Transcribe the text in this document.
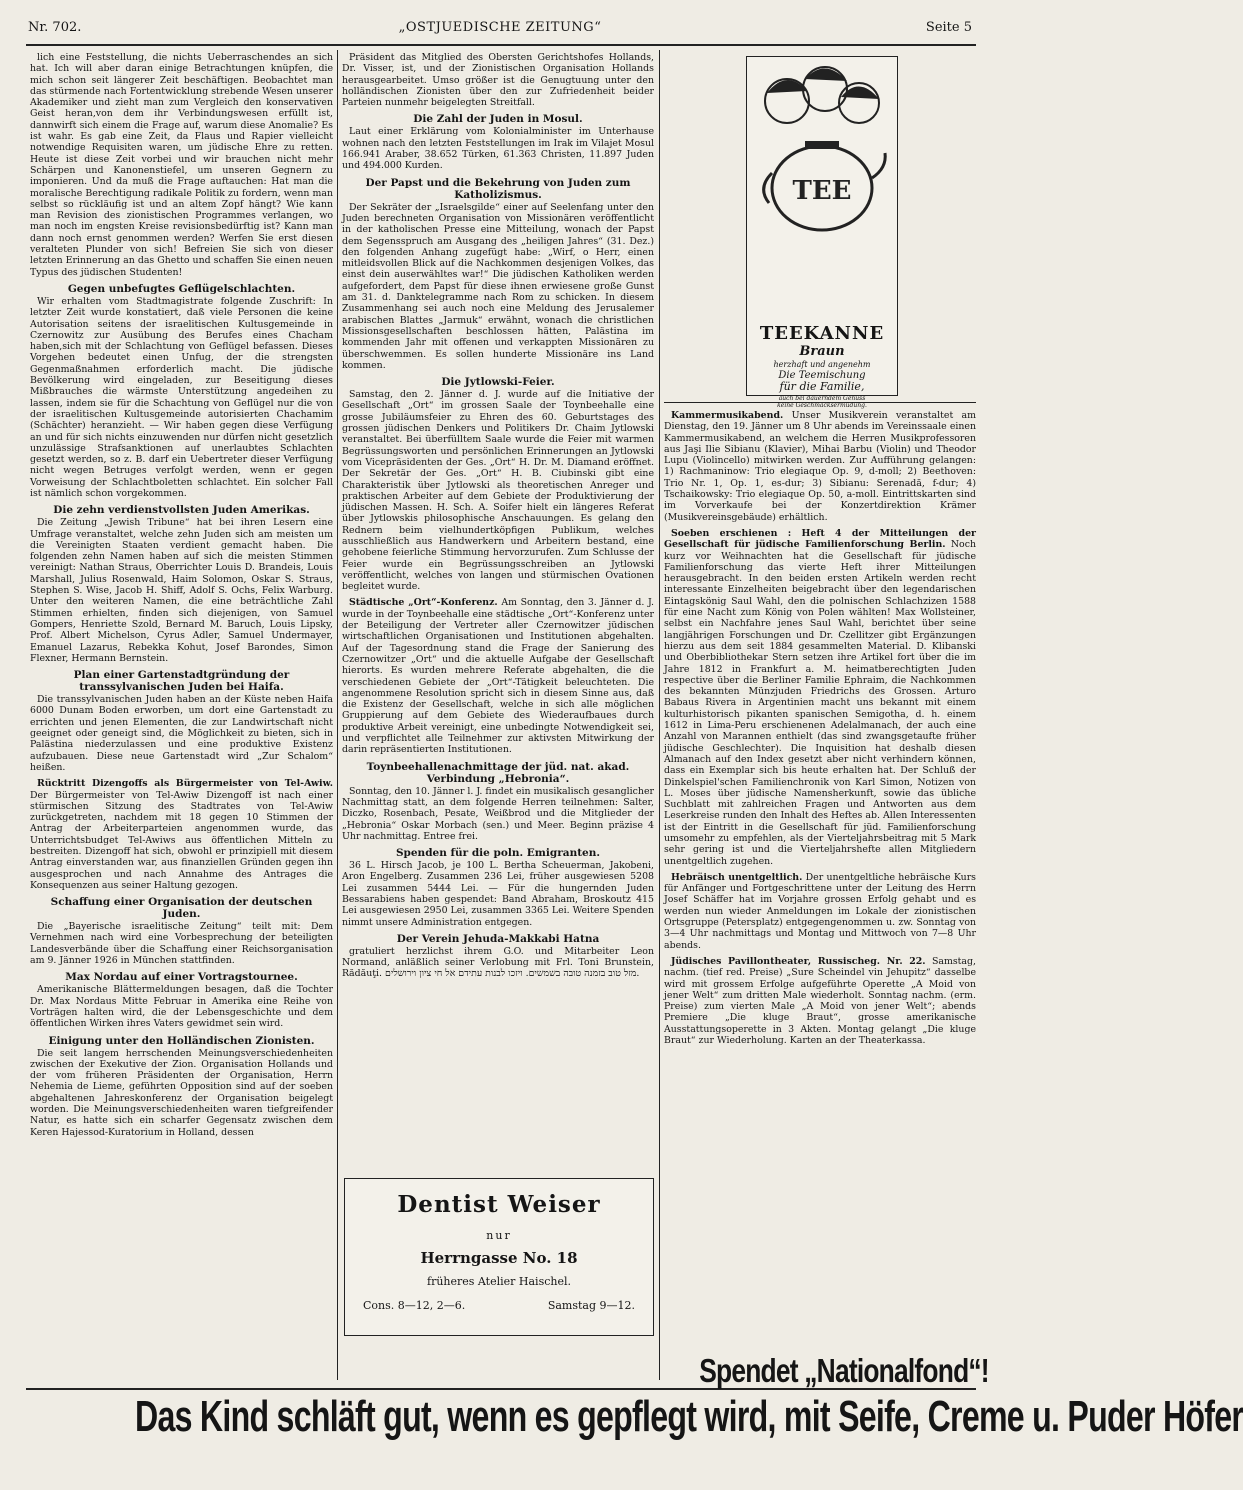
Nr. 702.	„OSTJUEDISCHE ZEITUNG“	Seite 5

lich eine Feststellung, die nichts Ueberraschendes an sich hat. Ich will aber daran einige Betrachtungen knüpfen, die mich schon seit längerer Zeit beschäftigen. Beobachtet man das stürmende nach Fortentwicklung strebende Wesen unserer Akademiker und zieht man zum Vergleich den konservativen Geist heran,von dem ihr Verbindungswesen erfüllt ist, dannwirft sich einem die Frage auf, warum diese Anomalie? Es ist wahr. Es gab eine Zeit, da Flaus und Rapier vielleicht notwendige Requisiten waren, um jüdische Ehre zu retten. Heute ist diese Zeit vorbei und wir brauchen nicht mehr Schärpen und Kanonenstiefel, um unseren Gegnern zu imponieren. Und da muß die Frage auftauchen: Hat man die moralische Berechtigung radikale Politik zu fordern, wenn man selbst so rückläufig ist und an altem Zopf hängt? Wie kann man Revision des zionistischen Programmes verlangen, wo man noch im engsten Kreise revisionsbedürftig ist? Kann man dann noch ernst genommen werden? Werfen Sie erst diesen veralteten Plunder von sich! Befreien Sie sich von dieser letzten Erinnerung an das Ghetto und schaffen Sie einen neuen Typus des jüdischen Studenten!

Gegen unbefugtes Geflügelschlachten.

Wir erhalten vom Stadtmagistrate folgende Zuschrift: In letzter Zeit wurde konstatiert, daß viele Personen die keine Autorisation seitens der israelitischen Kultusgemeinde in Czernowitz zur Ausübung des Berufes eines Chacham haben,sich mit der Schlachtung von Geflügel befassen. Dieses Vorgehen bedeutet einen Unfug, der die strengsten Gegenmaßnahmen erforderlich macht. Die jüdische Bevölkerung wird eingeladen, zur Beseitigung dieses Mißbrauches die wärmste Unterstützung angedeihen zu lassen, indem sie für die Schachtung von Geflügel nur die von der israelitischen Kultusgemeinde autorisierten Chachamim (Schächter) heranzieht. — Wir haben gegen diese Verfügung an und für sich nichts einzuwenden nur dürfen nicht gesetzlich unzulässige Strafsanktionen auf unerlaubtes Schlachten gesetzt werden, so z. B. darf ein Uebertreter dieser Verfügung nicht wegen Betruges verfolgt werden, wenn er gegen Vorweisung der Schlachtboletten schlachtet. Ein solcher Fall ist nämlich schon vorgekommen.

Die zehn verdienstvollsten Juden Amerikas.

Die Zeitung „Jewish Tribune“ hat bei ihren Lesern eine Umfrage veranstaltet, welche zehn Juden sich am meisten um die Vereinigten Staaten verdient gemacht haben. Die folgenden zehn Namen haben auf sich die meisten Stimmen vereinigt: Nathan Straus, Oberrichter Louis D. Brandeis, Louis Marshall, Julius Rosenwald, Haim Solomon, Oskar S. Straus, Stephen S. Wise, Jacob H. Shiff, Adolf S. Ochs, Felix Warburg. Unter den weiteren Namen, die eine beträchtliche Zahl Stimmen erhielten, finden sich diejenigen, von Samuel Gompers, Henriette Szold, Bernard M. Baruch, Louis Lipsky, Prof. Albert Michelson, Cyrus Adler, Samuel Undermayer, Emanuel Lazarus, Rebekka Kohut, Josef Barondes, Simon Flexner, Hermann Bernstein.

Plan einer Gartenstadtgründung der transsylvanischen Juden bei Haifa.

Die transsylvanischen Juden haben an der Küste neben Haifa 6000 Dunam Boden erworben, um dort eine Gartenstadt zu errichten und jenen Elementen, die zur Landwirtschaft nicht geeignet oder geneigt sind, die Möglichkeit zu bieten, sich in Palästina niederzulassen und eine produktive Existenz aufzubauen. Diese neue Gartenstadt wird „Zur Schalom“ heißen.

Rücktritt Dizengoffs als Bürgermeister von Tel-Awiw. Der Bürgermeister von Tel-Awiw Dizengoff ist nach einer stürmischen Sitzung des Stadtrates von Tel-Awiw zurückgetreten, nachdem mit 18 gegen 10 Stimmen der Antrag der Arbeiterparteien angenommen wurde, das Unterrichtsbudget Tel-Awiws aus öffentlichen Mitteln zu bestreiten. Dizengoff hat sich, obwohl er prinzipiell mit diesem Antrag einverstanden war, aus finanziellen Gründen gegen ihn ausgesprochen und nach Annahme des Antrages die Konsequenzen aus seiner Haltung gezogen.

Schaffung einer Organisation der deutschen Juden.

Die „Bayerische israelitische Zeitung“ teilt mit: Dem Vernehmen nach wird eine Vorbesprechung der beteiligten Landesverbände über die Schaffung einer Reichsorganisation am 9. Jänner 1926 in München stattfinden.

Max Nordau auf einer Vortragstournee.

Amerikanische Blättermeldungen besagen, daß die Tochter Dr. Max Nordaus Mitte Februar in Amerika eine Reihe von Vorträgen halten wird, die der Lebensgeschichte und dem öffentlichen Wirken ihres Vaters gewidmet sein wird.

Einigung unter den Holländischen Zionisten.

Die seit langem herrschenden Meinungsverschiedenheiten zwischen der Exekutive der Zion. Organisation Hollands und der vom früheren Präsidenten der Organisation, Herrn Nehemia de Lieme, geführten Opposition sind auf der soeben abgehaltenen Jahreskonferenz der Organisation beigelegt worden. Die Meinungsverschiedenheiten waren tiefgreifender Natur, es hatte sich ein scharfer Gegensatz zwischen dem Keren Hajessod-Kuratorium in Holland, dessen

Präsident das Mitglied des Obersten Gerichtshofes Hollands, Dr. Visser, ist, und der Zionistischen Organisation Hollands herausgearbeitet. Umso größer ist die Genugtuung unter den holländischen Zionisten über den zur Zufriedenheit beider Parteien nunmehr beigelegten Streitfall.

Die Zahl der Juden in Mosul.

Laut einer Erklärung vom Kolonialminister im Unterhause wohnen nach den letzten Feststellungen im Irak im Vilajet Mosul 166.941 Araber, 38.652 Türken, 61.363 Christen, 11.897 Juden und 494.000 Kurden.

Der Papst und die Bekehrung von Juden zum Katholizismus.

Der Sekräter der „Israelsgilde“ einer auf Seelenfang unter den Juden berechneten Organisation von Missionären veröffentlicht in der katholischen Presse eine Mitteilung, wonach der Papst dem Segensspruch am Ausgang des „heiligen Jahres“ (31. Dez.) den folgenden Anhang zugefügt habe: „Wirf, o Herr, einen mitleidsvollen Blick auf die Nachkommen desjenigen Volkes, das einst dein auserwähltes war!“ Die jüdischen Katholiken werden aufgefordert, dem Papst für diese ihnen erwiesene große Gunst am 31. d. Danktelegramme nach Rom zu schicken. In diesem Zusammenhang sei auch noch eine Meldung des Jerusalemer arabischen Blattes „Jarmuk“ erwähnt, wonach die christlichen Missionsgesellschaften beschlossen hätten, Palästina im kommenden Jahr mit offenen und verkappten Missionären zu überschwemmen. Es sollen hunderte Missionäre ins Land kommen.

Die Jytlowski-Feier.

Samstag, den 2. Jänner d. J. wurde auf die Initiative der Gesellschaft „Ort“ im grossen Saale der Toynbeehalle eine grosse Jubiläumsfeier zu Ehren des 60. Geburtstages des grossen jüdischen Denkers und Politikers Dr. Chaim Jytlowski veranstaltet. Bei überfülltem Saale wurde die Feier mit warmen Begrüssungsworten und persönlichen Erinnerungen an Jytlowski vom Vicepräsidenten der Ges. „Ort“ H. Dr. M. Diamand eröffnet. Der Sekretär der Ges. „Ort“ H. B. Ciubinski gibt eine Charakteristik über Jytlowski als theoretischen Anreger und praktischen Arbeiter auf dem Gebiete der Produktivierung der jüdischen Massen. H. Sch. A. Soifer hielt ein längeres Referat über Jytlowskis philosophische Anschauungen. Es gelang den Rednern beim vielhundertköpfigen Publikum, welches ausschließlich aus Handwerkern und Arbeitern bestand, eine gehobene feierliche Stimmung hervorzurufen. Zum Schlusse der Feier wurde ein Begrüssungsschreiben an Jytlowski veröffentlicht, welches von langen und stürmischen Ovationen begleitet wurde.

Städtische „Ort“-Konferenz. Am Sonntag, den 3. Jänner d. J. wurde in der Toynbeehalle eine städtische „Ort“-Konferenz unter der Beteiligung der Vertreter aller Czernowitzer jüdischen wirtschaftlichen Organisationen und Institutionen abgehalten. Auf der Tagesordnung stand die Frage der Sanierung des Czernowitzer „Ort“ und die aktuelle Aufgabe der Gesellschaft hierorts. Es wurden mehrere Referate abgehalten, die die verschiedenen Gebiete der „Ort“-Tätigkeit beleuchteten. Die angenommene Resolution spricht sich in diesem Sinne aus, daß die Existenz der Gesellschaft, welche in sich alle möglichen Gruppierung auf dem Gebiete des Wiederaufbaues durch produktive Arbeit vereinigt, eine unbedingte Notwendigkeit sei, und verpflichtet alle Teilnehmer zur aktivsten Mitwirkung der darin repräsentierten Institutionen.

Toynbeehallenachmittage der jüd. nat. akad. Verbindung „Hebronia“.

Sonntag, den 10. Jänner l. J. findet ein musikalisch gesanglicher Nachmittag statt, an dem folgende Herren teilnehmen: Salter, Diczko, Rosenbach, Pesate, Weißbrod und die Mitglieder der „Hebronia“ Oskar Morbach (sen.) und Meer. Beginn präzise 4 Uhr nachmittag. Entree frei.

Spenden für die poln. Emigranten.

36 L. Hirsch Jacob, je 100 L. Bertha Scheuerman, Jakobeni, Aron Engelberg. Zusammen 236 Lei, früher ausgewiesen 5208 Lei zusammen 5444 Lei. — Für die hungernden Juden Bessarabiens haben gespendet: Band Abraham, Broskoutz 415 Lei ausgewiesen 2950 Lei, zusammen 3365 Lei. Weitere Spenden nimmt unsere Administration entgegen.

Der Verein Jehuda-Makkabi Hatna

gratuliert herzlichst ihrem G.O. und Mitarbeiter Leon Normand, anläßlich seiner Verlobung mit Frl. Toni Brunstein, Rădăuţi. מזל טוב בזמנה טובה בשמשים. ויזכו לבנות עתידם אל חי ציון וירושלים.

Kammermusikabend. Unser Musikverein veranstaltet am Dienstag, den 19. Jänner um 8 Uhr abends im Vereinssaale einen Kammermusikabend, an welchem die Herren Musikprofessoren aus Jaşi Ilie Sibianu (Klavier), Mihai Barbu (Violin) und Theodor Lupu (Violincello) mitwirken werden. Zur Aufführung gelangen: 1) Rachmaninow: Trio elegiaque Op. 9, d-moll; 2) Beethoven: Trio Nr. 1, Op. 1, es-dur; 3) Sibianu: Serenadă, f-dur; 4) Tschaikowsky: Trio elegiaque Op. 50, a-moll. Eintrittskarten sind im Vorverkaufe bei der Konzertdirektion Krämer (Musikvereinsgebäude) erhältlich.

Soeben erschienen : Heft 4 der Mitteilungen der Gesellschaft für jüdische Familienforschung Berlin. Noch kurz vor Weihnachten hat die Gesellschaft für jüdische Familienforschung das vierte Heft ihrer Mitteilungen herausgebracht. In den beiden ersten Artikeln werden recht interessante Einzelheiten beigebracht über den legendarischen Eintagskönig Saul Wahl, den die polnischen Schlachzizen 1588 für eine Nacht zum König von Polen wählten! Max Wollsteiner, selbst ein Nachfahre jenes Saul Wahl, berichtet über seine langjährigen Forschungen und Dr. Czellitzer gibt Ergänzungen hierzu aus dem seit 1884 gesammelten Material. D. Klibanski und Oberbibliothekar Stern setzen ihre Artikel fort über die im Jahre 1812 in Frankfurt a. M. heimatberechtigten Juden respective über die Berliner Familie Ephraim, die Nachkommen des bekannten Münzjuden Friedrichs des Grossen. Arturo Babaus Rivera in Argentinien macht uns bekannt mit einem kulturhistorisch pikanten spanischen Semigotha, d. h. einem 1612 in Lima-Peru erschienenen Adelalmanach, der auch eine Anzahl von Marannen enthielt (das sind zwangsgetaufte früher jüdische Geschlechter). Die Inquisition hat deshalb diesen Almanach auf den Index gesetzt aber nicht verhindern können, dass ein Exemplar sich bis heute erhalten hat. Der Schluß der Dinkelspiel'schen Familienchronik von Karl Simon, Notizen von L. Moses über jüdische Namensherkunft, sowie das übliche Suchblatt mit zahlreichen Fragen und Antworten aus dem Leserkreise runden den Inhalt des Heftes ab. Allen Interessenten ist der Eintritt in die Gesellschaft für jüd. Familienforschung umsomehr zu empfehlen, als der Vierteljahrsbeitrag mit 5 Mark sehr gering ist und die Vierteljahrshefte allen Mitgliedern unentgeltlich zugehen.

Hebräisch unentgeltlich. Der unentgeltliche hebräische Kurs für Anfänger und Fortgeschrittene unter der Leitung des Herrn Josef Schäffer hat im Vorjahre grossen Erfolg gehabt und es werden nun wieder Anmeldungen im Lokale der zionistischen Ortsgruppe (Petersplatz) entgegengenommen u. zw. Sonntag von 3—4 Uhr nachmittags und Montag und Mittwoch von 7—8 Uhr abends.

Jüdisches Pavillontheater, Russischeg. Nr. 22. Samstag, nachm. (tief red. Preise) „Sure Scheindel vin Jehupitz“ dasselbe wird mit grossem Erfolge aufgeführte Operette „A Moid von jener Welt“ zum dritten Male wiederholt. Sonntag nachm. (erm. Preise) zum vierten Male „A Moid von jener Welt“; abends Premiere „Die kluge Braut“, grosse amerikanische Ausstattungsoperette in 3 Akten. Montag gelangt „Die kluge Braut“ zur Wiederholung. Karten an der Theaterkassa.

TEE
TEEKANNE
Braun
herzhaft und angenehm
Die Teemischung
für die Familie,
auch bei dauerndem Genuss
keine Geschmacksermüdung.
Dentist Weiser
nur
Herrngasse No. 18
früheres Atelier Haischel.
Cons. 8—12, 2—6.	Samstag 9—12.
Spendet „Nationalfond“!
Das Kind schläft gut, wenn es gepflegt wird, mit Seife, Creme u. Puder Höfer
